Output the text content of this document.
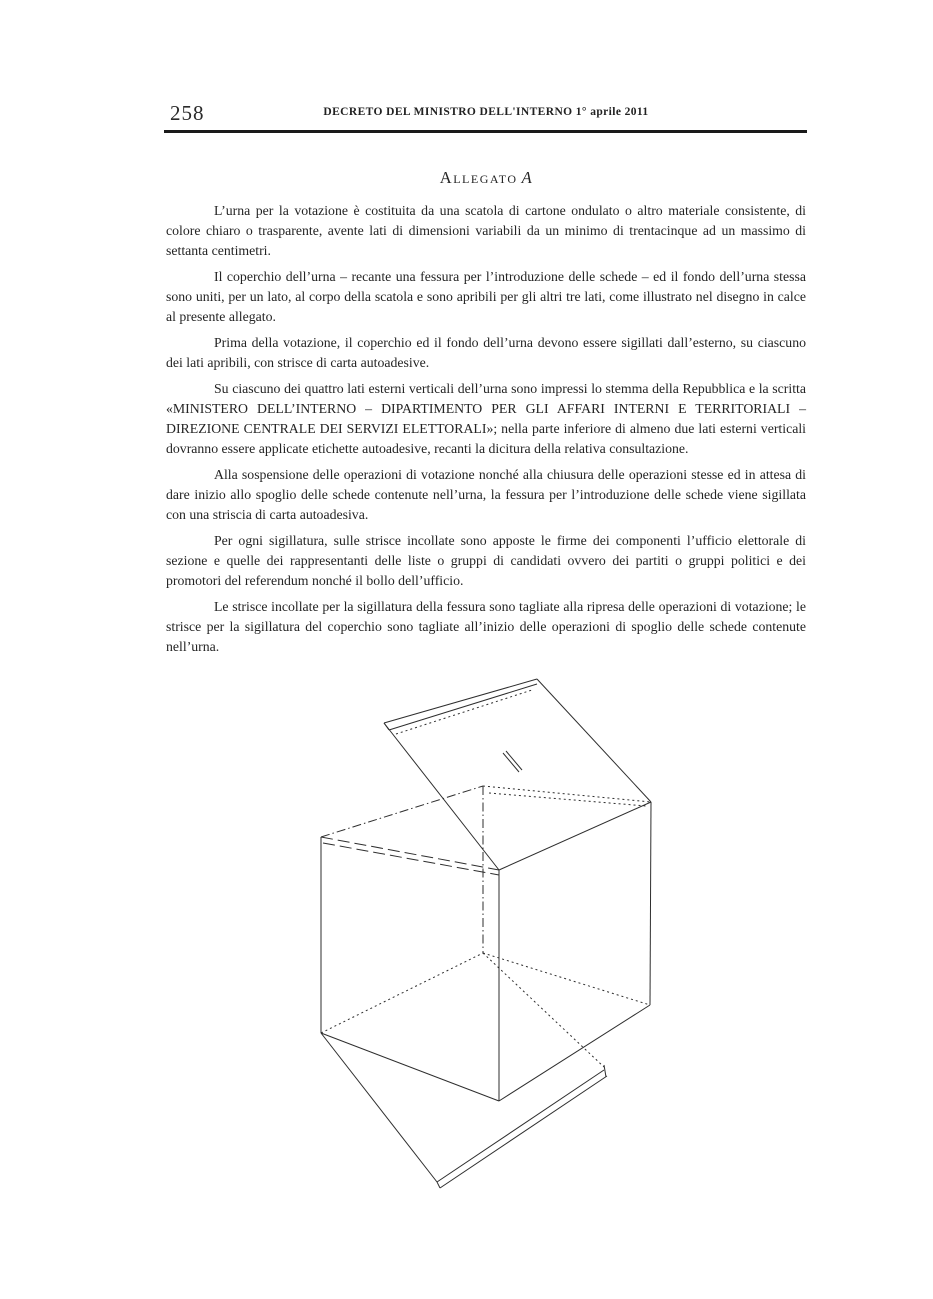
258	DECRETO DEL MINISTRO DELL'INTERNO 1° aprile 2011
Allegato A

L’urna per la votazione è costituita da una scatola di cartone ondulato o altro materiale consistente, di colore chiaro o trasparente, avente lati di dimensioni variabili da un minimo di trentacinque ad un massimo di settanta centimetri.

Il coperchio dell’urna – recante una fessura per l’introduzione delle schede – ed il fondo dell’urna stessa sono uniti, per un lato, al corpo della scatola e sono apribili per gli altri tre lati, come illustrato nel disegno in calce al presente allegato.

Prima della votazione, il coperchio ed il fondo dell’urna devono essere sigillati dall’esterno, su ciascuno dei lati apribili, con strisce di carta autoadesive.

Su ciascuno dei quattro lati esterni verticali dell’urna sono impressi lo stemma della Repubblica e la scritta «MINISTERO DELL’INTERNO – DIPARTIMENTO PER GLI AFFARI INTERNI E TERRITORIALI – DIREZIONE CENTRALE DEI SERVIZI ELETTORALI»; nella parte inferiore di almeno due lati esterni verticali dovranno essere applicate etichette autoadesive, recanti la dicitura della relativa consultazione.

Alla sospensione delle operazioni di votazione nonché alla chiusura delle operazioni stesse ed in attesa di dare inizio allo spoglio delle schede contenute nell’urna, la fessura per l’introduzione delle schede viene sigillata con una striscia di carta autoadesiva.

Per ogni sigillatura, sulle strisce incollate sono apposte le firme dei componenti l’ufficio elettorale di sezione e quelle dei rappresentanti delle liste o gruppi di candidati ovvero dei partiti o gruppi politici e dei promotori del referendum nonché il bollo dell’ufficio.

Le strisce incollate per la sigillatura della fessura sono tagliate alla ripresa delle operazioni di votazione; le strisce per la sigillatura del coperchio sono tagliate all’inizio delle operazioni di spoglio delle schede contenute nell’urna.
